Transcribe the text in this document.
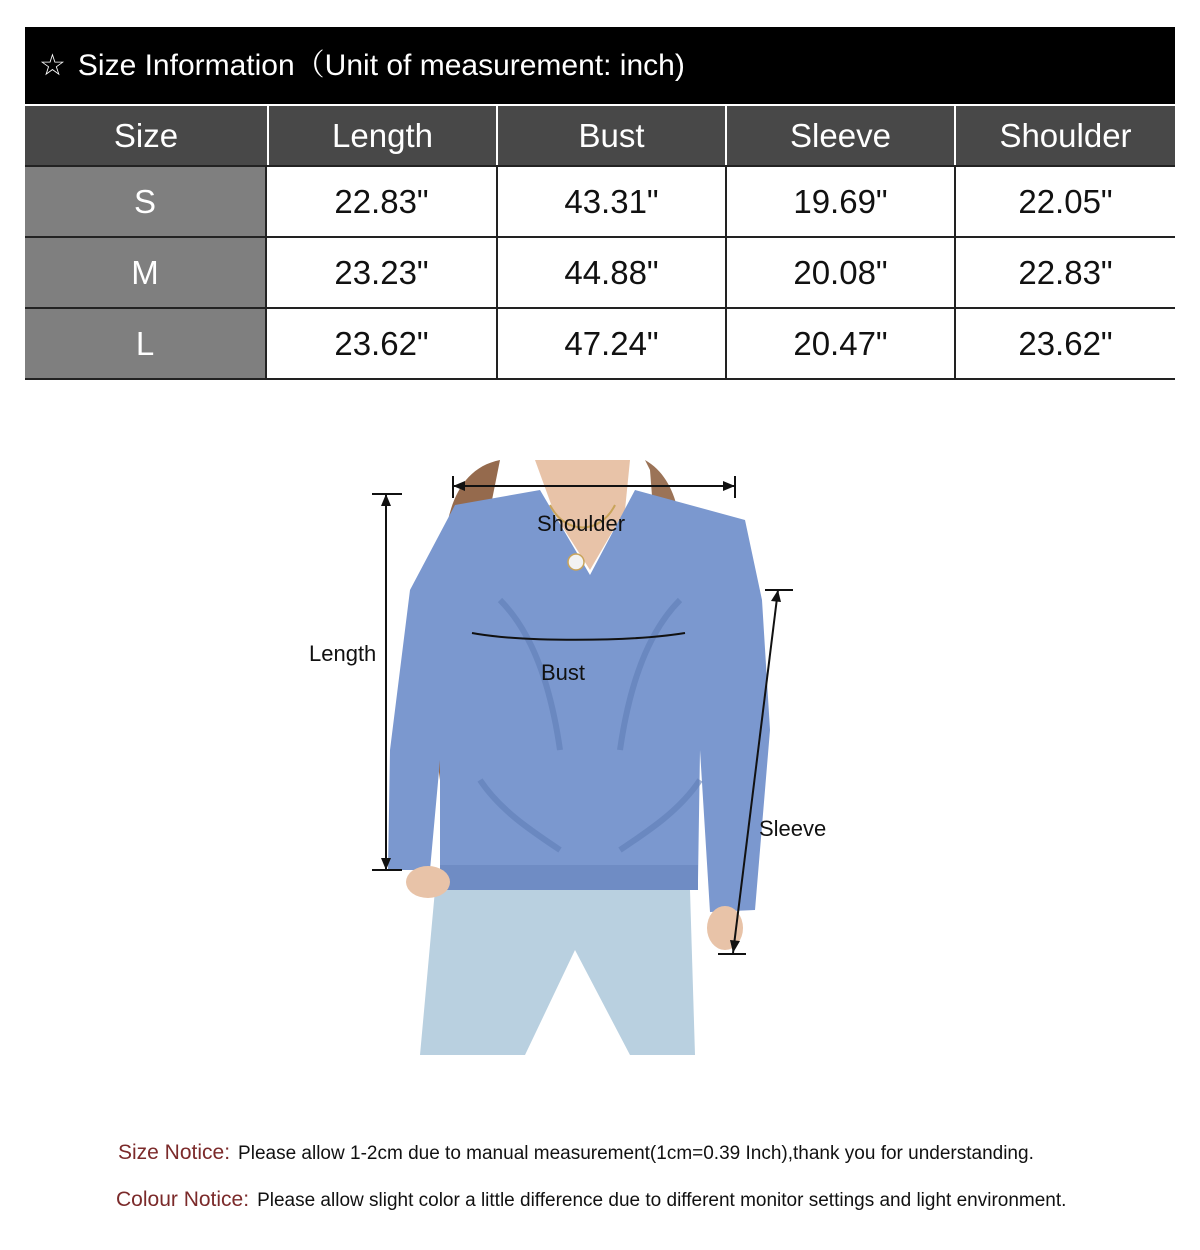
☆ Size Information（Unit of measurement: inch)
Size	Length	Bust	Sleeve	Shoulder
S	22.83"	43.31"	19.69"	22.05"
M	23.23"	44.88"	20.08"	22.83"
L	23.62"	47.24"	20.47"	23.62"
Shoulder
Bust
Length
Sleeve
Size Notice: Please allow 1-2cm due to manual measurement(1cm=0.39 Inch),thank you for understanding.
Colour Notice: Please allow slight color a little difference due to different monitor settings and light environment.
